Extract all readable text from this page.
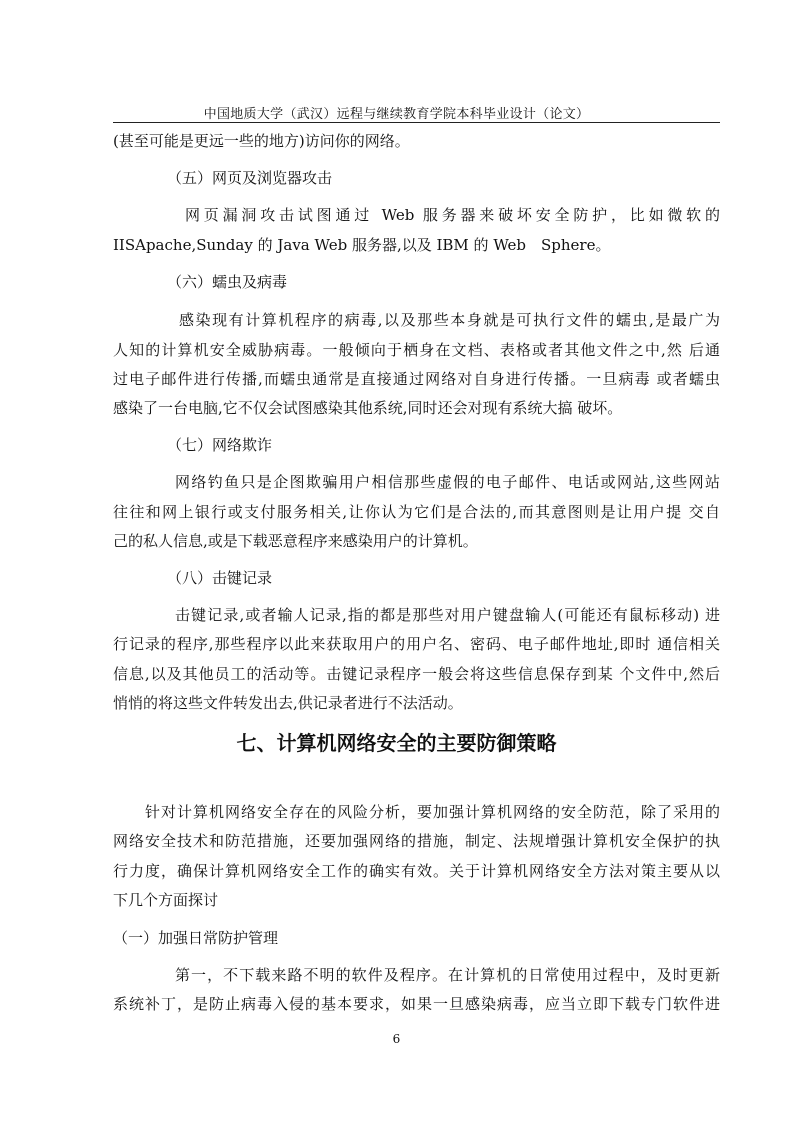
中国地质大学（武汉）远程与继续教育学院本科毕业设计（论文）
(甚至可能是更远一些的地方)访问你的网络。
（五）网页及浏览器攻击
网页漏洞攻击试图通过 Web 服务器来破坏安全防护，比如微软的
IISApache,Sunday 的 Java Web 服务器,以及 IBM 的 Web　Sphere。
（六）蠕虫及病毒
感染现有计算机程序的病毒,以及那些本身就是可执行文件的蠕虫,是最广为
人知的计算机安全威胁病毒。一般倾向于栖身在文档、表格或者其他文件之中,然 后通
过电子邮件进行传播,而蠕虫通常是直接通过网络对自身进行传播。一旦病毒 或者蠕虫
感染了一台电脑,它不仅会试图感染其他系统,同时还会对现有系统大搞 破坏。
（七）网络欺诈
网络钓鱼只是企图欺骗用户相信那些虚假的电子邮件、电话或网站,这些网站
往往和网上银行或支付服务相关,让你认为它们是合法的,而其意图则是让用户提 交自
己的私人信息,或是下载恶意程序来感染用户的计算机。
（八）击键记录
击键记录,或者输人记录,指的都是那些对用户键盘输人(可能还有鼠标移动) 进
行记录的程序,那些程序以此来获取用户的用户名、密码、电子邮件地址,即时 通信相关
信息,以及其他员工的活动等。击键记录程序一般会将这些信息保存到某 个文件中,然后
悄悄的将这些文件转发出去,供记录者进行不法活动。
七、计算机网络安全的主要防御策略
针对计算机网络安全存在的风险分析，要加强计算机网络的安全防范，除了采用的
网络安全技术和防范措施，还要加强网络的措施，制定、法规增强计算机安全保护的执
行力度，确保计算机网络安全工作的确实有效。关于计算机网络安全方法对策主要从以
下几个方面探讨
（一）加强日常防护管理
第一，不下载来路不明的软件及程序。在计算机的日常使用过程中，及时更新
系统补丁，是防止病毒入侵的基本要求，如果一旦感染病毒，应当立即下载专门软件进
6
